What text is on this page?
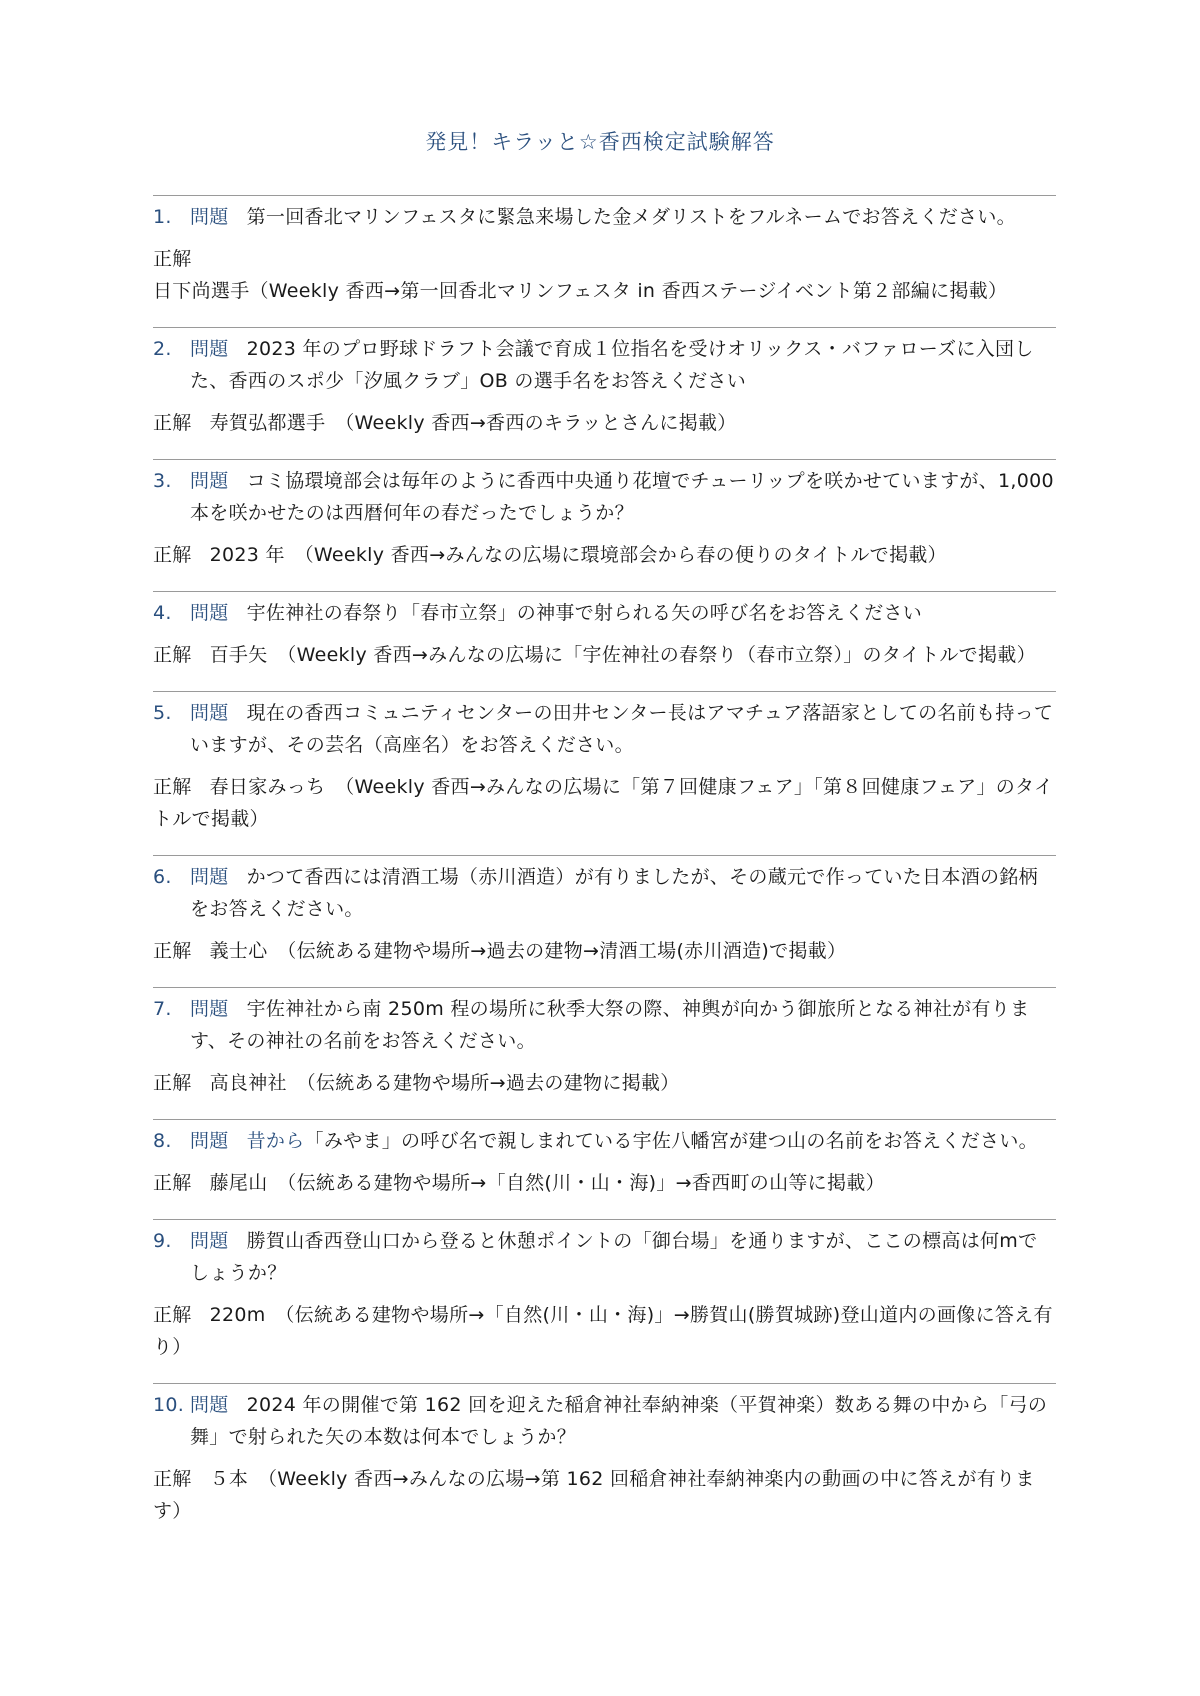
発見！キラッと☆香西検定試験解答
1. 問題 第一回香北マリンフェスタに緊急来場した金メダリストをフルネームでお答えください。
正解日下尚選手（Weekly 香西→第一回香北マリンフェスタ in 香西ステージイベント第２部編に掲載）
2. 問題 2023 年のプロ野球ドラフト会議で育成１位指名を受けオリックス・バファローズに入団した、香西のスポ少「汐風クラブ」OB の選手名をお答えください
正解 寿賀弘都選手　（Weekly 香西→香西のキラッとさんに掲載）
3. 問題 コミ協環境部会は毎年のように香西中央通り花壇でチューリップを咲かせていますが、1,000 本を咲かせたのは西暦何年の春だったでしょうか？
正解 2023 年　（Weekly 香西→みんなの広場に環境部会から春の便りのタイトルで掲載）
4. 問題 宇佐神社の春祭り「春市立祭」の神事で射られる矢の呼び名をお答えください
正解 百手矢　（Weekly 香西→みんなの広場に「宇佐神社の春祭り（春市立祭）」のタイトルで掲載）
5. 問題 現在の香西コミュニティセンターの田井センター長はアマチュア落語家としての名前も持っていますが、その芸名（高座名）をお答えください。
正解 春日家みっち　（Weekly 香西→みんなの広場に「第７回健康フェア」「第８回健康フェア」のタイトルで掲載）
6. 問題 かつて香西には清酒工場（赤川酒造）が有りましたが、その蔵元で作っていた日本酒の銘柄をお答えください。
正解 義士心　（伝統ある建物や場所→過去の建物→清酒工場(赤川酒造)で掲載）
7. 問題 宇佐神社から南 250m 程の場所に秋季大祭の際、神輿が向かう御旅所となる神社が有ります、その神社の名前をお答えください。
正解 高良神社　（伝統ある建物や場所→過去の建物に掲載）
8. 問題 昔から「みやま」の呼び名で親しまれている宇佐八幡宮が建つ山の名前をお答えください。
正解 藤尾山　（伝統ある建物や場所→「自然(川・山・海)」→香西町の山等に掲載）
9. 問題 勝賀山香西登山口から登ると休憩ポイントの「御台場」を通りますが、ここの標高は何mでしょうか？
正解 220m　（伝統ある建物や場所→「自然(川・山・海)」→勝賀山(勝賀城跡)登山道内の画像に答え有り）
10. 問題 2024 年の開催で第 162 回を迎えた稲倉神社奉納神楽（平賀神楽）数ある舞の中から「弓の舞」で射られた矢の本数は何本でしょうか？
正解 ５本　（Weekly 香西→みんなの広場→第 162 回稲倉神社奉納神楽内の動画の中に答えが有ります）
